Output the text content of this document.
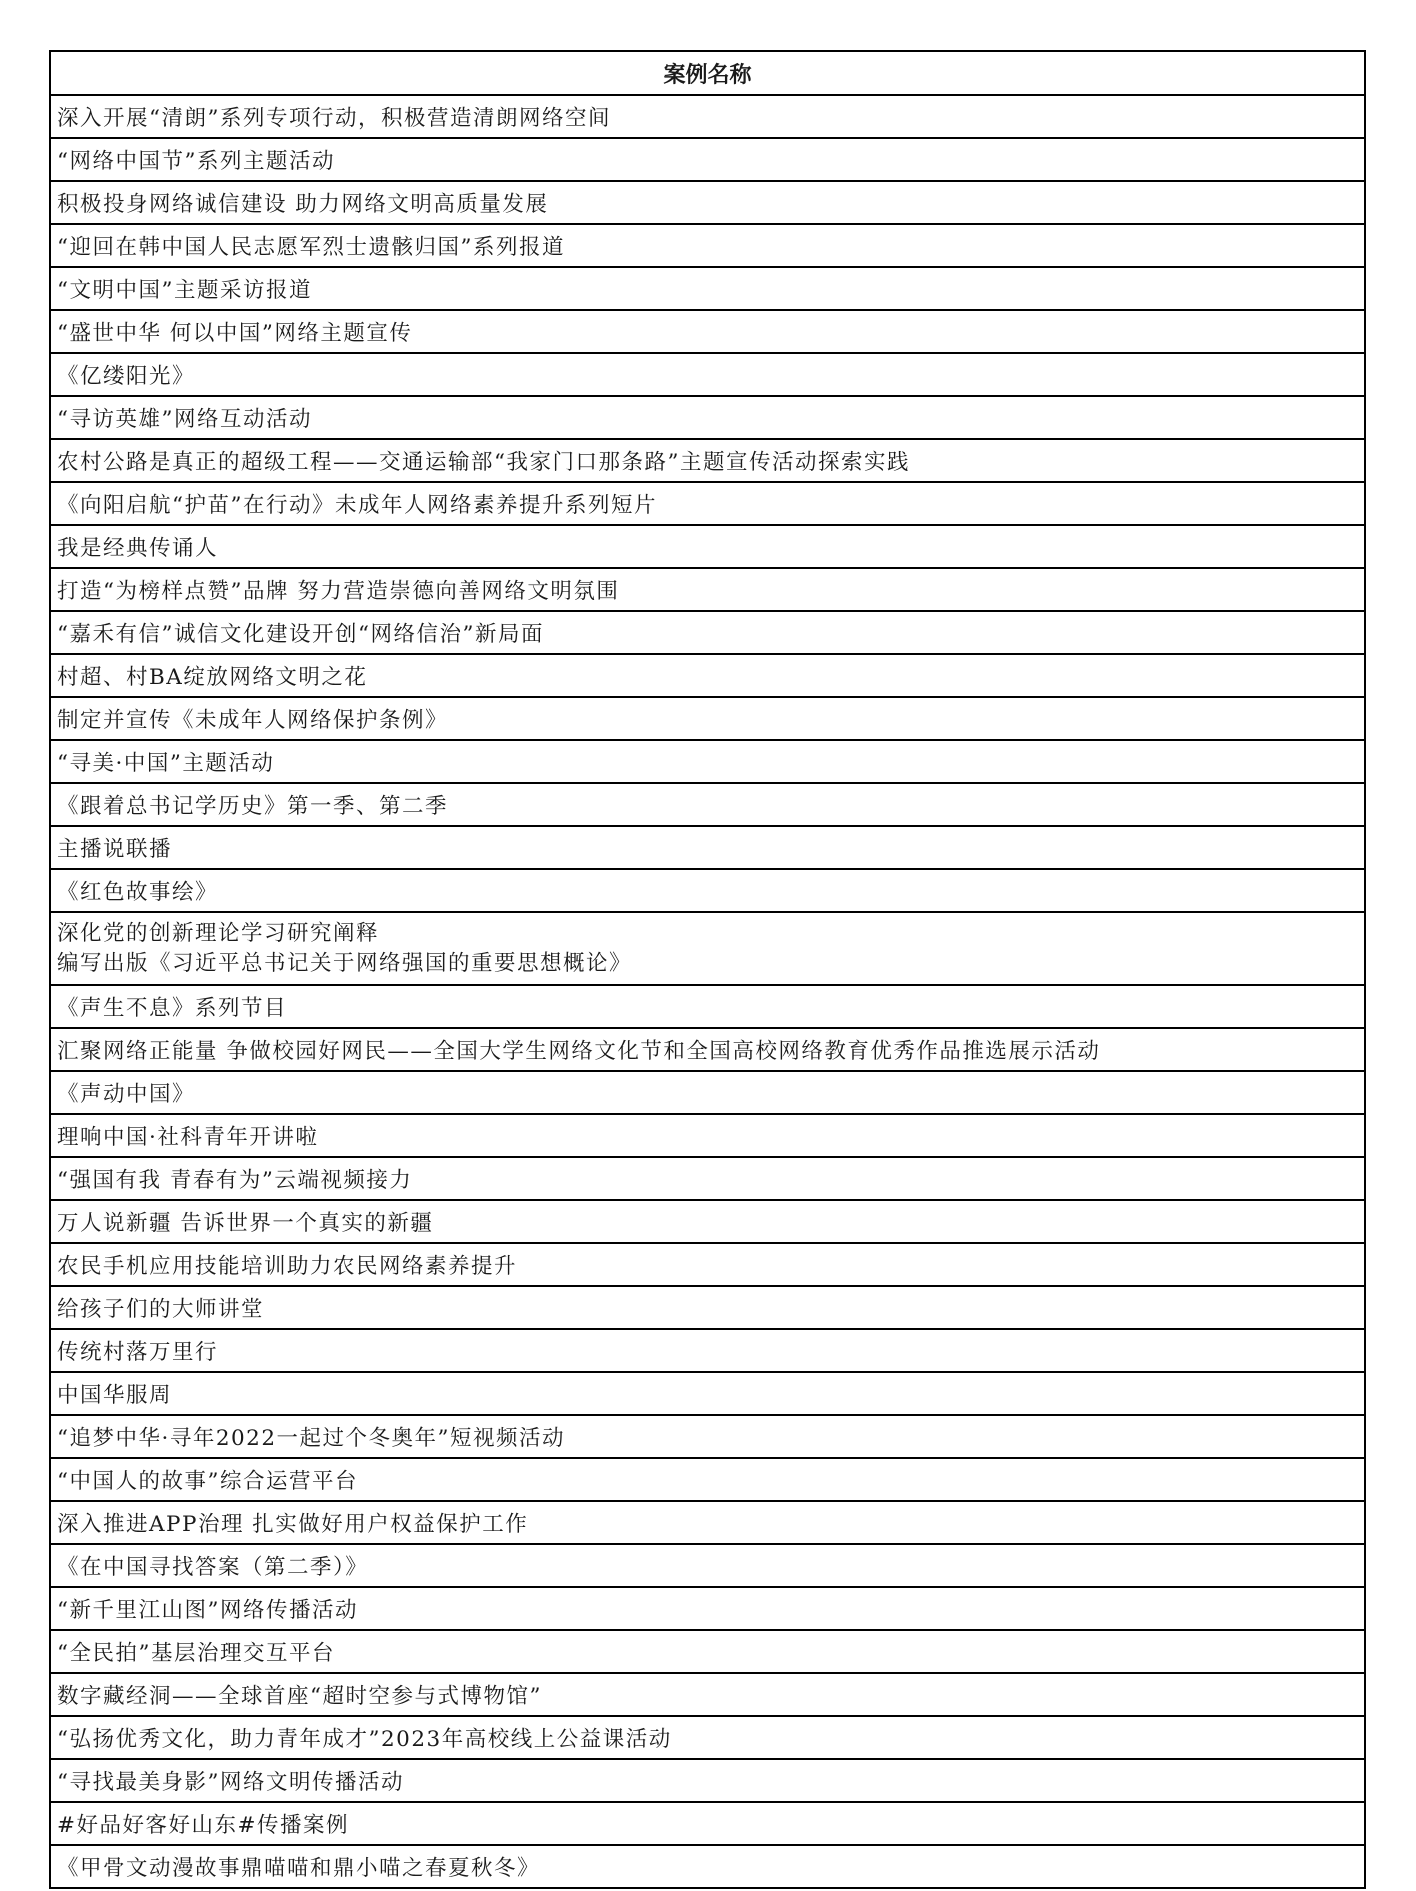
案例名称
深入开展“清朗”系列专项行动，积极营造清朗网络空间
“网络中国节”系列主题活动
积极投身网络诚信建设 助力网络文明高质量发展
“迎回在韩中国人民志愿军烈士遗骸归国”系列报道
“文明中国”主题采访报道
“盛世中华 何以中国”网络主题宣传
《亿缕阳光》
“寻访英雄”网络互动活动
农村公路是真正的超级工程——交通运输部“我家门口那条路”主题宣传活动探索实践
《向阳启航“护苗”在行动》未成年人网络素养提升系列短片
我是经典传诵人
打造“为榜样点赞”品牌 努力营造崇德向善网络文明氛围
“嘉禾有信”诚信文化建设开创“网络信治”新局面
村超、村BA绽放网络文明之花
制定并宣传《未成年人网络保护条例》
“寻美·中国”主题活动
《跟着总书记学历史》第一季、第二季
主播说联播
《红色故事绘》

深化党的创新理论学习研究阐释
编写出版《习近平总书记关于网络强国的重要思想概论》

《声生不息》系列节目
汇聚网络正能量 争做校园好网民——全国大学生网络文化节和全国高校网络教育优秀作品推选展示活动
《声动中国》
理响中国·社科青年开讲啦
“强国有我 青春有为”云端视频接力
万人说新疆 告诉世界一个真实的新疆
农民手机应用技能培训助力农民网络素养提升
给孩子们的大师讲堂
传统村落万里行
中国华服周
“追梦中华·寻年2022一起过个冬奥年”短视频活动
“中国人的故事”综合运营平台
深入推进APP治理 扎实做好用户权益保护工作
《在中国寻找答案（第二季）》
“新千里江山图”网络传播活动
“全民拍”基层治理交互平台
数字藏经洞——全球首座“超时空参与式博物馆”
“弘扬优秀文化，助力青年成才”2023年高校线上公益课活动
“寻找最美身影”网络文明传播活动
#好品好客好山东#传播案例
《甲骨文动漫故事鼎喵喵和鼎小喵之春夏秋冬》
